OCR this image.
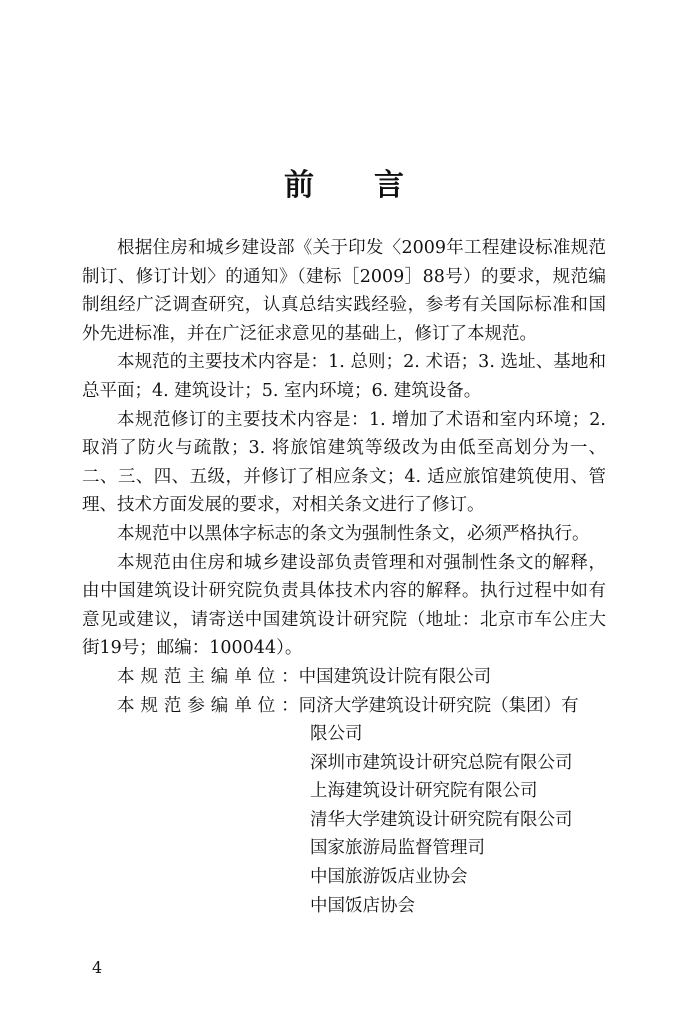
前 言

根据住房和城乡建设部《关于印发〈2009年工程建设标准规范制订、修订计划〉的通知》（建标［2009］88号）的要求，规范编制组经广泛调查研究，认真总结实践经验，参考有关国际标准和国外先进标准，并在广泛征求意见的基础上，修订了本规范。

本规范的主要技术内容是：1. 总则；2. 术语；3. 选址、基地和总平面；4. 建筑设计；5. 室内环境；6. 建筑设备。

本规范修订的主要技术内容是：1. 增加了术语和室内环境；2. 取消了防火与疏散；3. 将旅馆建筑等级改为由低至高划分为一、二、三、四、五级，并修订了相应条文；4. 适应旅馆建筑使用、管理、技术方面发展的要求，对相关条文进行了修订。

本规范中以黑体字标志的条文为强制性条文，必须严格执行。

本规范由住房和城乡建设部负责管理和对强制性条文的解释，由中国建筑设计研究院负责具体技术内容的解释。执行过程中如有意见或建议，请寄送中国建筑设计研究院（地址：北京市车公庄大街19号；邮编：100044）。

本规范主编单位： 中国建筑设计院有限公司
本规范参编单位： 同济大学建筑设计研究院（集团）有
限公司
深圳市建筑设计研究总院有限公司
上海建筑设计研究院有限公司
清华大学建筑设计研究院有限公司
国家旅游局监督管理司
中国旅游饭店业协会
中国饭店协会
4
